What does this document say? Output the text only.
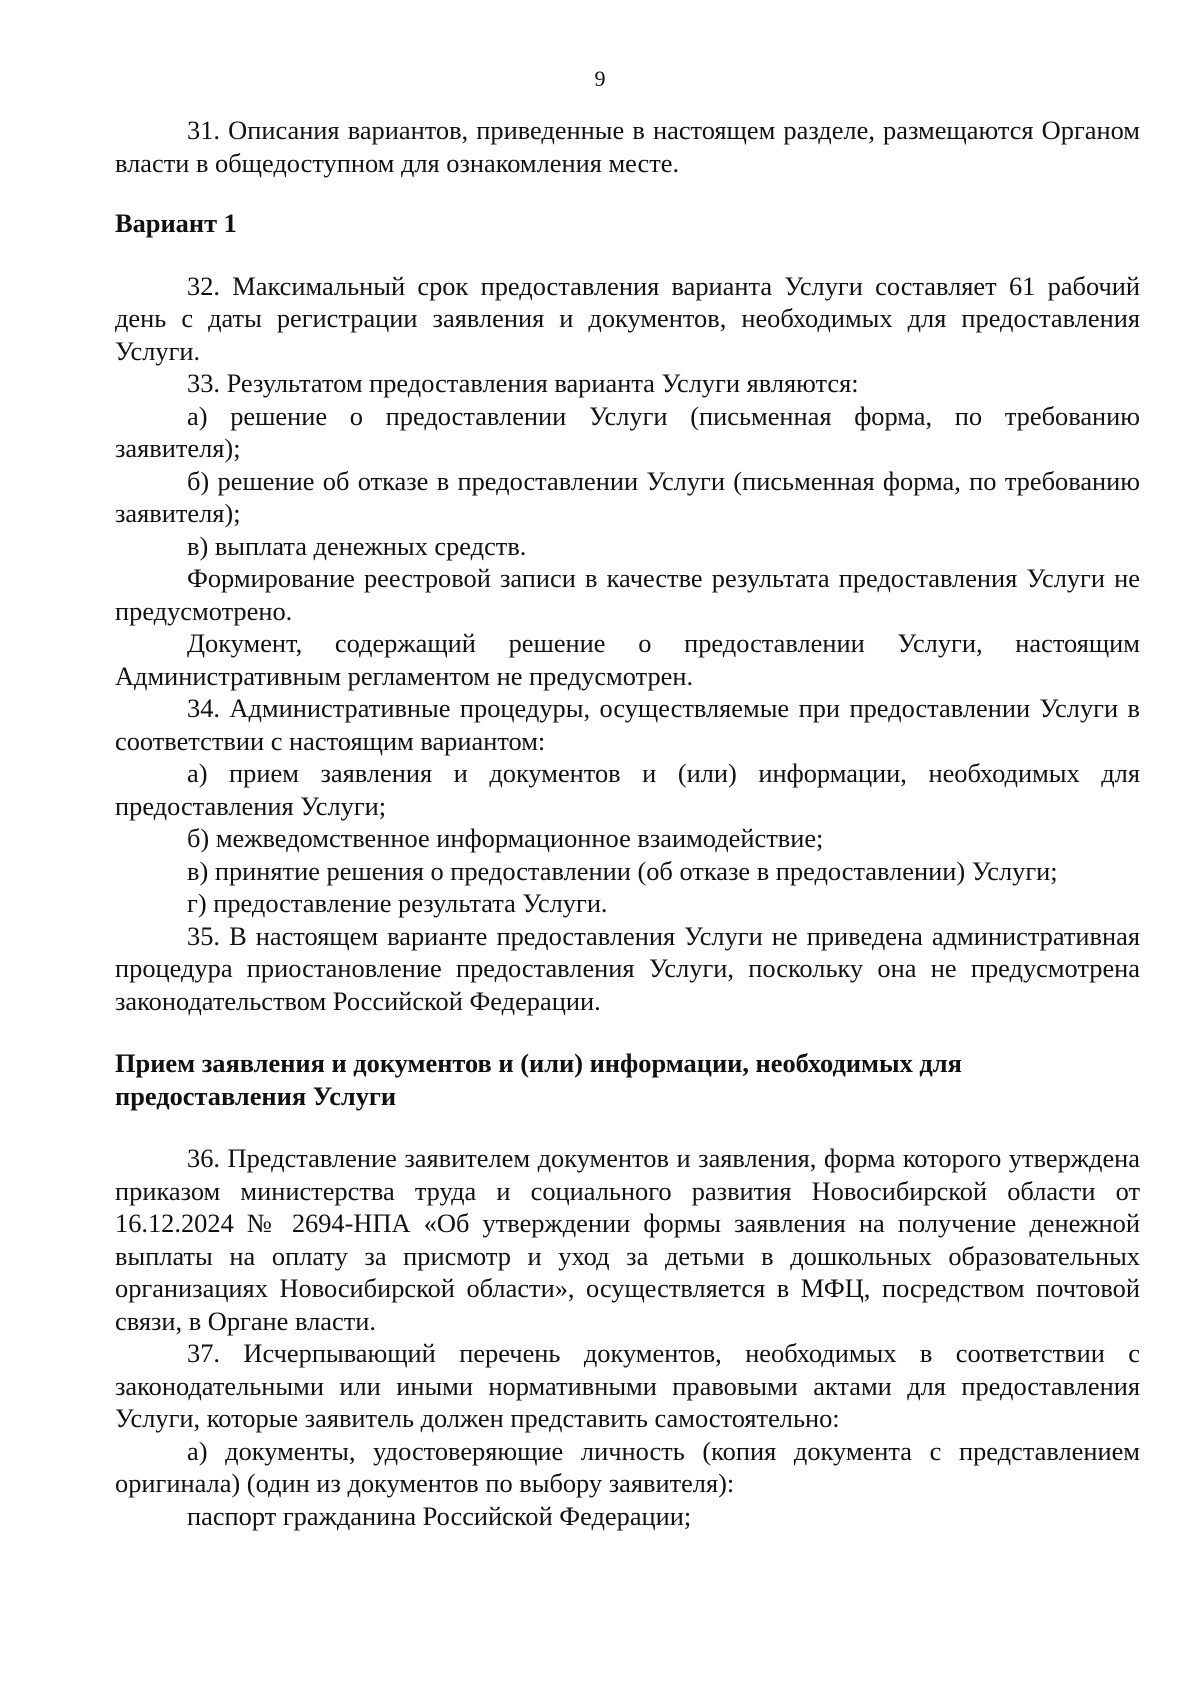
9

31. Описания вариантов, приведенные в настоящем разделе, размещаются Органом власти в общедоступном для ознакомления месте.

Вариант 1

32. Максимальный срок предоставления варианта Услуги составляет 61 рабочий день с даты регистрации заявления и документов, необходимых для предоставления Услуги.

33. Результатом предоставления варианта Услуги являются:

а) решение о предоставлении Услуги (письменная форма, по требованию заявителя);

б) решение об отказе в предоставлении Услуги (письменная форма, по требованию заявителя);

в) выплата денежных средств.

Формирование реестровой записи в качестве результата предоставления Услуги не предусмотрено.

Документ, содержащий решение о предоставлении Услуги, настоящим Административным регламентом не предусмотрен.

34. Административные процедуры, осуществляемые при предоставлении Услуги в соответствии с настоящим вариантом:

а) прием заявления и документов и (или) информации, необходимых для предоставления Услуги;

б) межведомственное информационное взаимодействие;

в) принятие решения о предоставлении (об отказе в предоставлении) Услуги;

г) предоставление результата Услуги.

35. В настоящем варианте предоставления Услуги не приведена административная процедура приостановление предоставления Услуги, поскольку она не предусмотрена законодательством Российской Федерации.

Прием заявления и документов и (или) информации, необходимых для
предоставления Услуги

36. Представление заявителем документов и заявления, форма которого утверждена приказом министерства труда и социального развития Новосибирской области от 16.12.2024 № 2694-НПА «Об утверждении формы заявления на получение денежной выплаты на оплату за присмотр и уход за детьми в дошкольных образовательных организациях Новосибирской области», осуществляется в МФЦ, посредством почтовой связи, в Органе власти.

37. Исчерпывающий перечень документов, необходимых в соответствии с законодательными или иными нормативными правовыми актами для предоставления Услуги, которые заявитель должен представить самостоятельно:

а) документы, удостоверяющие личность (копия документа с представлением оригинала) (один из документов по выбору заявителя):

паспорт гражданина Российской Федерации;
